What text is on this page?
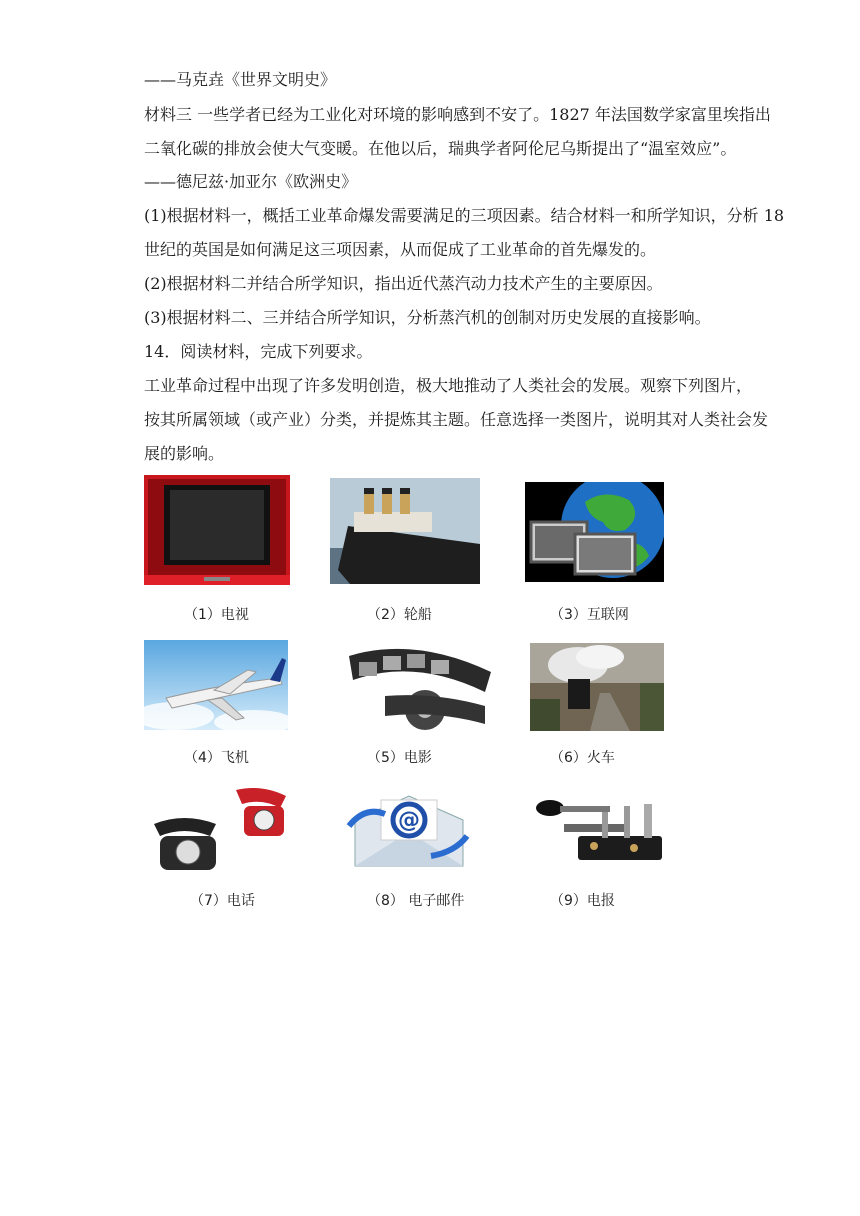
——马克垚《世界文明史》
材料三 一些学者已经为工业化对环境的影响感到不安了。1827 年法国数学家富里埃指出
二氧化碳的排放会使大气变暖。在他以后，瑞典学者阿伦尼乌斯提出了“温室效应”。
——德尼兹·加亚尔《欧洲史》
(1)根据材料一，概括工业革命爆发需要满足的三项因素。结合材料一和所学知识，分析 18
世纪的英国是如何满足这三项因素，从而促成了工业革命的首先爆发的。
(2)根据材料二并结合所学知识，指出近代蒸汽动力技术产生的主要原因。
(3)根据材料二、三并结合所学知识，分析蒸汽机的创制对历史发展的直接影响。
14．阅读材料，完成下列要求。
工业革命过程中出现了许多发明创造，极大地推动了人类社会的发展。观察下列图片，
按其所属领域（或产业）分类，并提炼其主题。任意选择一类图片，说明其对人类社会发
展的影响。
（1）电视	（2）轮船	（3）互联网
（4）飞机	（5）电影	（6）火车
@
（7）电话	（8） 电子邮件	（9）电报
